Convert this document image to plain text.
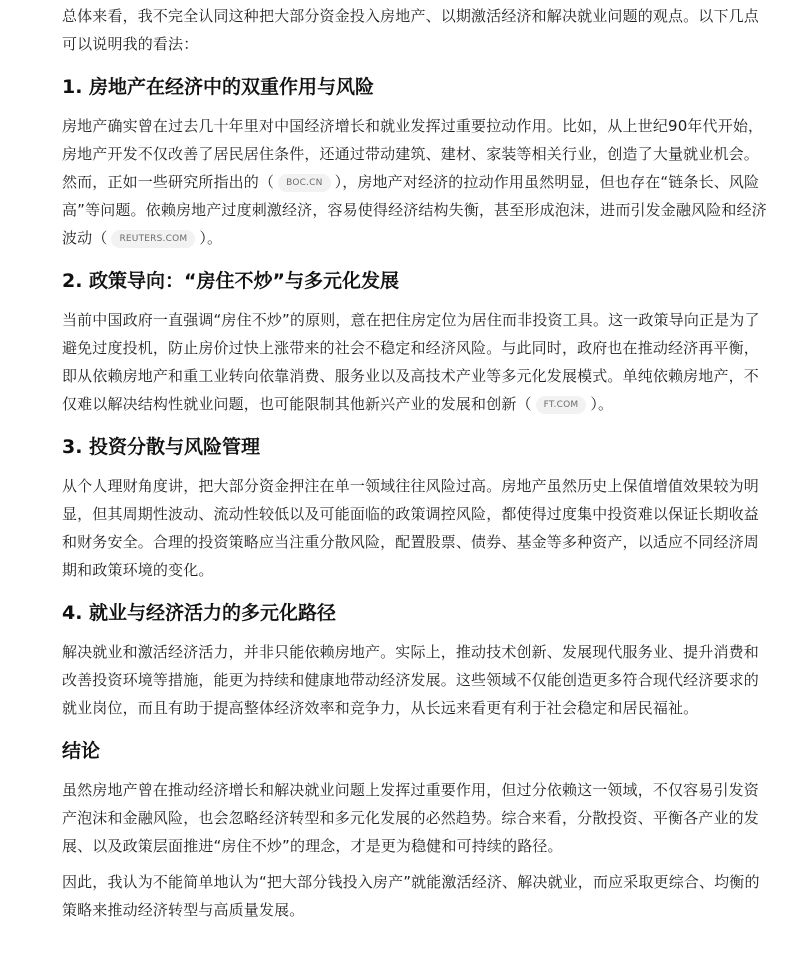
总体来看，我不完全认同这种把大部分资金投入房地产、以期激活经济和解决就业问题的观点。以下几点可以说明我的看法：

1. 房地产在经济中的双重作用与风险

房地产确实曾在过去几十年里对中国经济增长和就业发挥过重要拉动作用。比如，从上世纪90年代开始，房地产开发不仅改善了居民居住条件，还通过带动建筑、建材、家装等相关行业，创造了大量就业机会。然而，正如一些研究所指出的（ BOC.CN ），房地产对经济的拉动作用虽然明显，但也存在“链条长、风险高”等问题。依赖房地产过度刺激经济，容易使得经济结构失衡，甚至形成泡沫，进而引发金融风险和经济波动（ REUTERS.COM ）。

2. 政策导向：“房住不炒”与多元化发展

当前中国政府一直强调“房住不炒”的原则，意在把住房定位为居住而非投资工具。这一政策导向正是为了避免过度投机，防止房价过快上涨带来的社会不稳定和经济风险。与此同时，政府也在推动经济再平衡，即从依赖房地产和重工业转向依靠消费、服务业以及高技术产业等多元化发展模式。单纯依赖房地产，不仅难以解决结构性就业问题，也可能限制其他新兴产业的发展和创新（ FT.COM ）。

3. 投资分散与风险管理

从个人理财角度讲，把大部分资金押注在单一领域往往风险过高。房地产虽然历史上保值增值效果较为明显，但其周期性波动、流动性较低以及可能面临的政策调控风险，都使得过度集中投资难以保证长期收益和财务安全。合理的投资策略应当注重分散风险，配置股票、债券、基金等多种资产，以适应不同经济周期和政策环境的变化。

4. 就业与经济活力的多元化路径

解决就业和激活经济活力，并非只能依赖房地产。实际上，推动技术创新、发展现代服务业、提升消费和改善投资环境等措施，能更为持续和健康地带动经济发展。这些领域不仅能创造更多符合现代经济要求的就业岗位，而且有助于提高整体经济效率和竞争力，从长远来看更有利于社会稳定和居民福祉。

结论

虽然房地产曾在推动经济增长和解决就业问题上发挥过重要作用，但过分依赖这一领域，不仅容易引发资产泡沫和金融风险，也会忽略经济转型和多元化发展的必然趋势。综合来看，分散投资、平衡各产业的发展、以及政策层面推进“房住不炒”的理念，才是更为稳健和可持续的路径。

因此，我认为不能简单地认为“把大部分钱投入房产”就能激活经济、解决就业，而应采取更综合、均衡的策略来推动经济转型与高质量发展。
